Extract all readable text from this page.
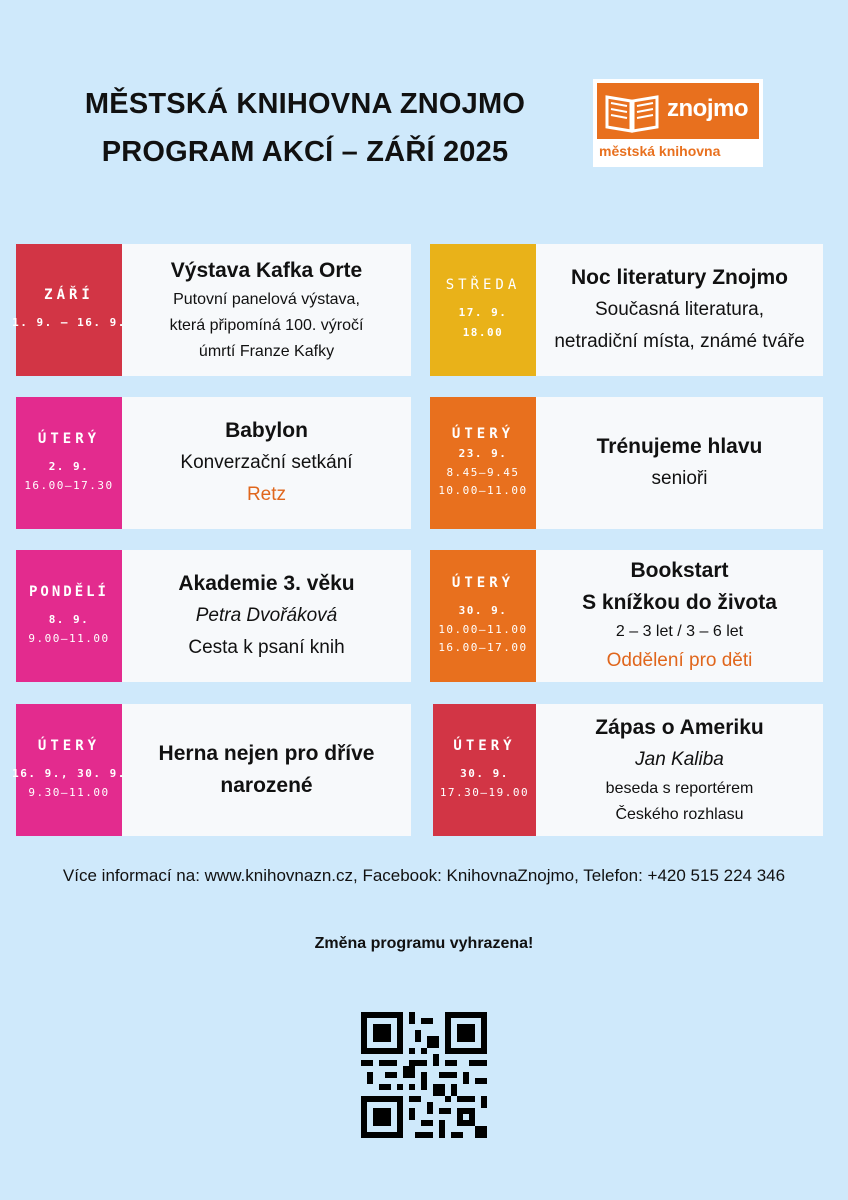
MĚSTSKÁ KNIHOVNA ZNOJMO
PROGRAM AKCÍ – ZÁŘÍ 2025
znojmo
městská knihovna
ZÁŘÍ
1. 9. – 16. 9.
Výstava Kafka Orte
Putovní panelová výstava,
která připomíná 100. výročí
úmrtí Franze Kafky
STŘEDA
17. 9.
18.00
Noc literatury Znojmo
Současná literatura,
netradiční místa, známé tváře
ÚTERÝ
2. 9.
16.00–17.30
Babylon
Konverzační setkání
Retz
ÚTERÝ
23. 9.
8.45–9.45
10.00–11.00
Trénujeme hlavu
senioři
PONDĚLÍ
8. 9.
9.00–11.00
Akademie 3. věku
Petra Dvořáková
Cesta k psaní knih
ÚTERÝ
30. 9.
10.00–11.00
16.00–17.00
Bookstart
S knížkou do života
2 – 3 let / 3 – 6 let
Oddělení pro děti
ÚTERÝ
16. 9., 30. 9.
9.30–11.00
Herna nejen pro dříve
narozené
ÚTERÝ
30. 9.
17.30–19.00
Zápas o Ameriku
Jan Kaliba
beseda s reportérem
Českého rozhlasu
Více informací na: www.knihovnazn.cz, Facebook: KnihovnaZnojmo, Telefon: +420 515 224 346
Změna programu vyhrazena!
